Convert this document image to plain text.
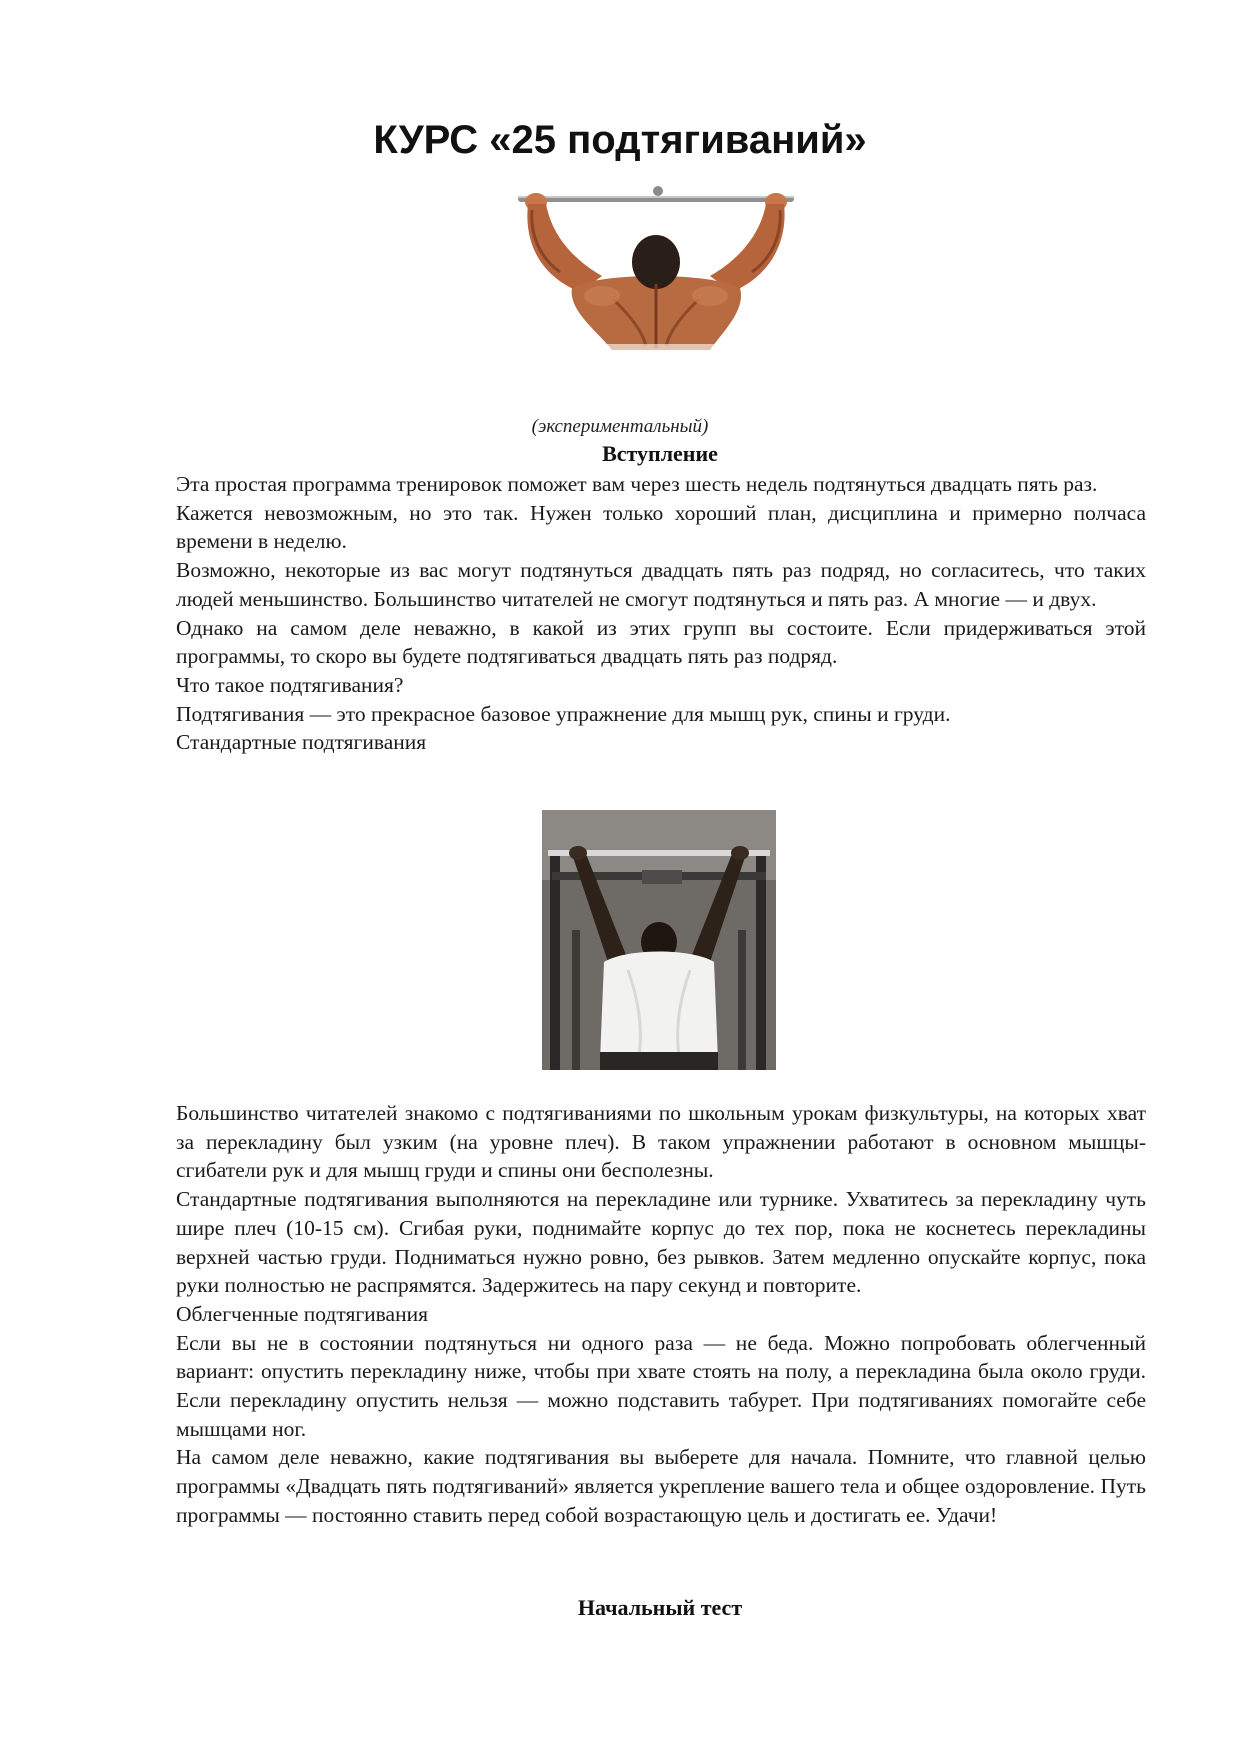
КУРС «25 подтягиваний»
(экспериментальный)
Вступление

Эта простая программа тренировок поможет вам через шесть недель подтянуться двадцать пять раз.

Кажется невозможным, но это так. Нужен только хороший план, дисциплина и примерно полчаса времени в неделю.

Возможно, некоторые из вас могут подтянуться двадцать пять раз подряд, но согласитесь, что таких людей меньшинство. Большинство читателей не смогут подтянуться и пять раз. А многие — и двух.

Однако на самом деле неважно, в какой из этих групп вы состоите. Если придерживаться этой программы, то скоро вы будете подтягиваться двадцать пять раз подряд.

Что такое подтягивания?

Подтягивания — это прекрасное базовое упражнение для мышц рук, спины и груди.

Стандартные подтягивания

Большинство читателей знакомо с подтягиваниями по школьным урокам физкультуры, на которых хват за перекладину был узким (на уровне плеч). В таком упражнении работают в основном мышцы-сгибатели рук и для мышц груди и спины они бесполезны.

Стандартные подтягивания выполняются на перекладине или турнике. Ухватитесь за перекладину чуть шире плеч (10-15 см). Сгибая руки, поднимайте корпус до тех пор, пока не коснетесь перекладины верхней частью груди. Подниматься нужно ровно, без рывков. Затем медленно опускайте корпус, пока руки полностью не распрямятся. Задержитесь на пару секунд и повторите.

Облегченные подтягивания

Если вы не в состоянии подтянуться ни одного раза — не беда. Можно попробовать облегченный вариант: опустить перекладину ниже, чтобы при хвате стоять на полу, а перекладина была около груди. Если перекладину опустить нельзя — можно подставить табурет. При подтягиваниях помогайте себе мышцами ног.

На самом деле неважно, какие подтягивания вы выберете для начала. Помните, что главной целью программы «Двадцать пять подтягиваний» является укрепление вашего тела и общее оздоровление. Путь программы — постоянно ставить перед собой возрастающую цель и достигать ее. Удачи!

Начальный тест
